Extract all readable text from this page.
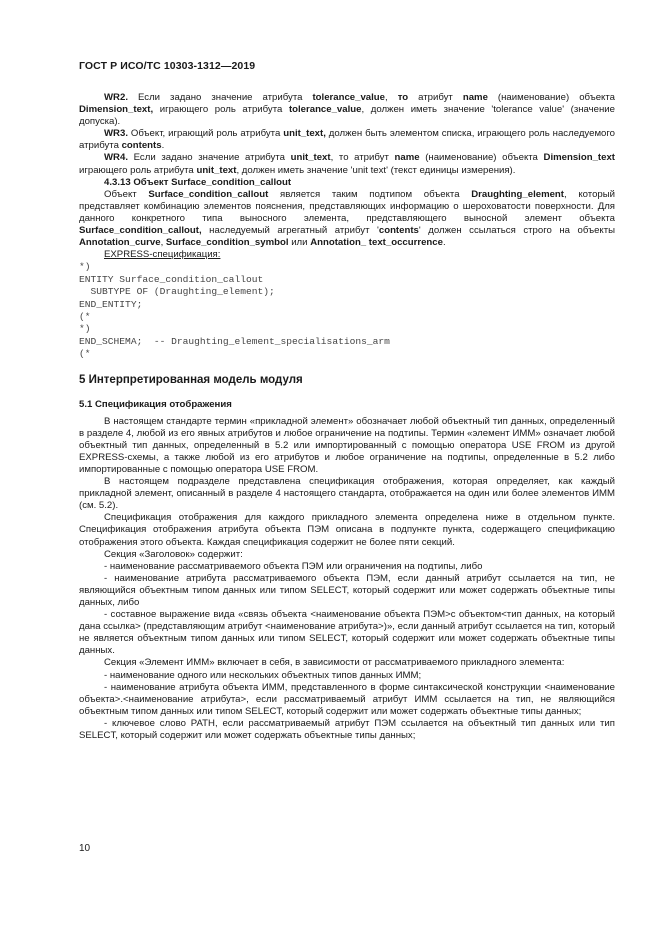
ГОСТ Р ИСО/ТС 10303-1312—2019

WR2. Если задано значение атрибута tolerance_value, то атрибут name (наименование) объекта Dimension_text, играющего роль атрибута tolerance_value, должен иметь значение 'tolerance value' (значение допуска).

WR3. Объект, играющий роль атрибута unit_text, должен быть элементом списка, играющего роль наследуемого атрибута contents.

WR4. Если задано значение атрибута unit_text, то атрибут name (наименование) объекта Dimension_text играющего роль атрибута unit_text, должен иметь значение 'unit text' (текст единицы измерения).

4.3.13 Объект Surface_condition_callout

Объект Surface_condition_callout является таким подтипом объекта Draughting_element, который представляет комбинацию элементов пояснения, представляющих информацию о шероховатости поверхности. Для данного конкретного типа выносного элемента, представляющего выносной элемент объекта Surface_condition_callout, наследуемый агрегатный атрибут 'contents' должен ссылаться строго на объекты Annotation_curve, Surface_condition_symbol или Annotation_ text_occurrence.

EXPRESS-спецификация:
*)
ENTITY Surface_condition_callout
SUBTYPE OF (Draughting_element);
END_ENTITY;
(*
*)
END_SCHEMA;  -- Draughting_element_specialisations_arm
(*
5 Интерпретированная модель модуля
5.1 Спецификация отображения

В настоящем стандарте термин «прикладной элемент» обозначает любой объектный тип данных, определенный в разделе 4, любой из его явных атрибутов и любое ограничение на подтипы. Термин «элемент ИММ» означает любой объектный тип данных, определенный в 5.2 или импортированный с помощью оператора USE FROM из другой EXPRESS-схемы, а также любой из его атрибутов и любое ограничение на подтипы, определенные в 5.2 либо импортированные с помощью оператора USE FROM.

В настоящем подразделе представлена спецификация отображения, которая определяет, как каждый прикладной элемент, описанный в разделе 4 настоящего стандарта, отображается на один или более элементов ИММ (см. 5.2).

Спецификация отображения для каждого прикладного элемента определена ниже в отдельном пункте. Спецификация отображения атрибута объекта ПЭМ описана в подпункте пункта, содержащего спецификацию отображения этого объекта. Каждая спецификация содержит не более пяти секций.

Секция «Заголовок» содержит:

- наименование рассматриваемого объекта ПЭМ или ограничения на подтипы, либо

- наименование атрибута рассматриваемого объекта ПЭМ, если данный атрибут ссылается на тип, не являющийся объектным типом данных или типом SELECT, который содержит или может содержать объектные типы данных, либо

- составное выражение вида «связь объекта <наименование объекта ПЭМ>с объектом<тип данных, на который дана ссылка> (представляющим атрибут <наименование атрибута>)», если данный атрибут ссылается на тип, который не является объектным типом данных или типом SELECT, который содержит или может содержать объектные типы данных.

Секция «Элемент ИММ» включает в себя, в зависимости от рассматриваемого прикладного элемента:

- наименование одного или нескольких объектных типов данных ИММ;

- наименование атрибута объекта ИММ, представленного в форме синтаксической конструкции <наименование объекта>.<наименование атрибута>, если рассматриваемый атрибут ИММ ссылается на тип, не являющийся объектным типом данных или типом SELECT, который содержит или может содержать объектные типы данных;

- ключевое слово PATH, если рассматриваемый атрибут ПЭМ ссылается на объектный тип данных или тип SELECT, который содержит или может содержать объектные типы данных;

10
